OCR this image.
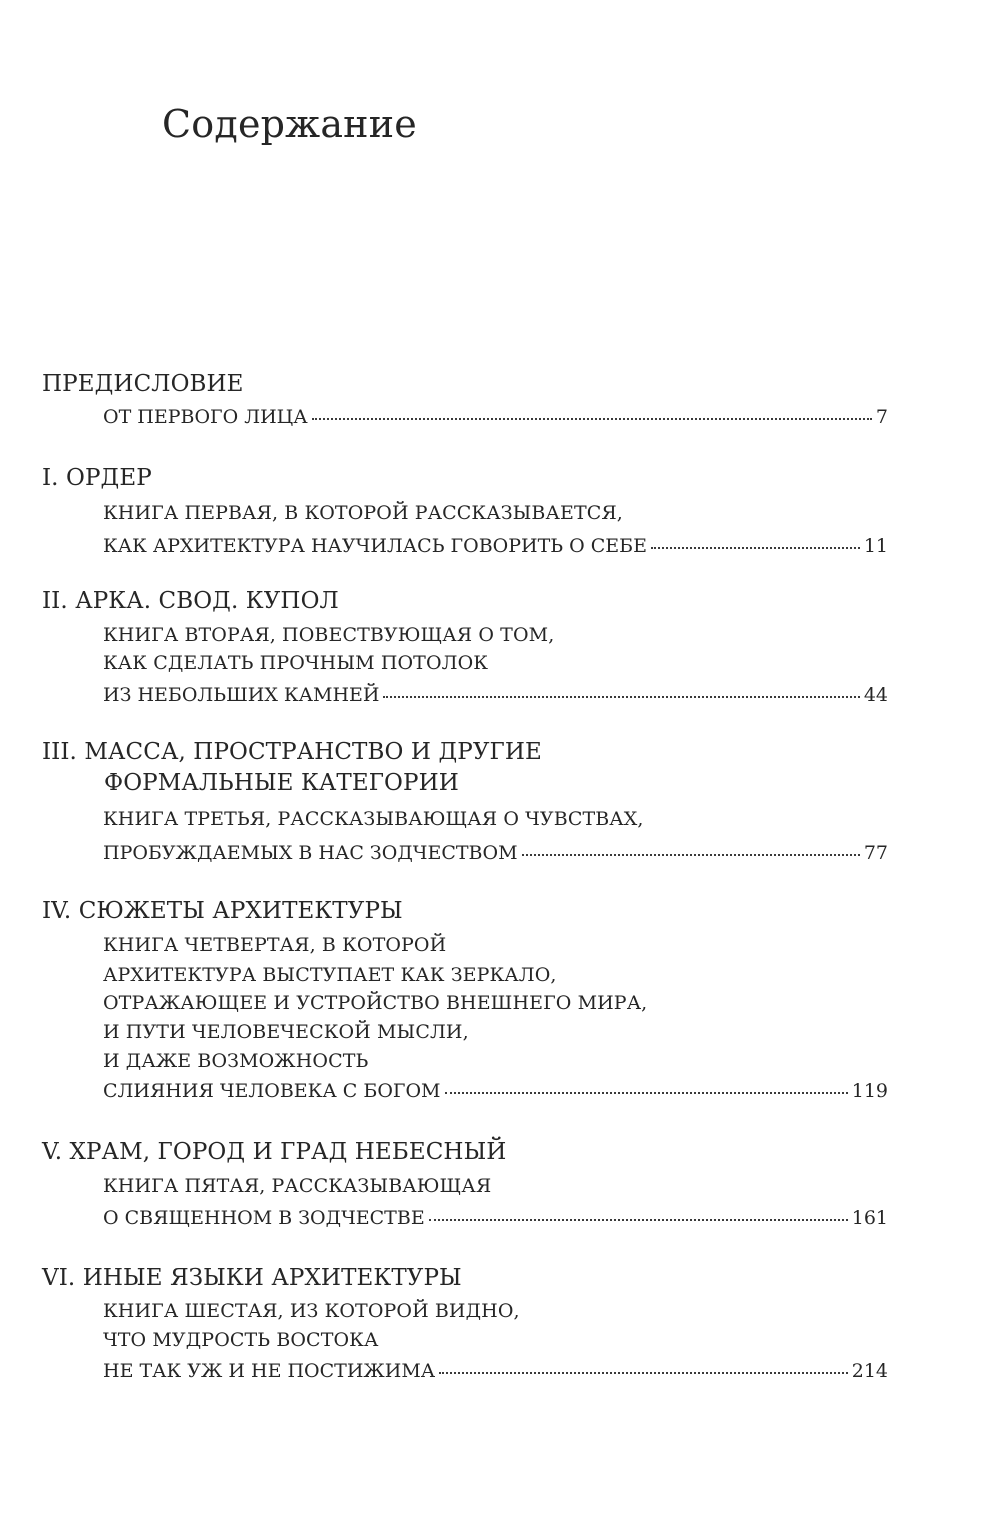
Содержание
ПРЕДИСЛОВИЕ
ОТ ПЕРВОГО ЛИЦА	7
I. ОРДЕР
КНИГА ПЕРВАЯ, В КОТОРОЙ РАССКАЗЫВАЕТСЯ,
КАК АРХИТЕКТУРА НАУЧИЛАСЬ ГОВОРИТЬ О СЕБЕ	11
II. АРКА. СВОД. КУПОЛ
КНИГА ВТОРАЯ, ПОВЕСТВУЮЩАЯ О ТОМ,
КАК СДЕЛАТЬ ПРОЧНЫМ ПОТОЛОК
ИЗ НЕБОЛЬШИХ КАМНЕЙ	44
III. МАССА, ПРОСТРАНСТВО И ДРУГИЕ
ФОРМАЛЬНЫЕ КАТЕГОРИИ
КНИГА ТРЕТЬЯ, РАССКАЗЫВАЮЩАЯ О ЧУВСТВАХ,
ПРОБУЖДАЕМЫХ В НАС ЗОДЧЕСТВОМ	77
IV. СЮЖЕТЫ АРХИТЕКТУРЫ
КНИГА ЧЕТВЕРТАЯ, В КОТОРОЙ
АРХИТЕКТУРА ВЫСТУПАЕТ КАК ЗЕРКАЛО,
ОТРАЖАЮЩЕЕ И УСТРОЙСТВО ВНЕШНЕГО МИРА,
И ПУТИ ЧЕЛОВЕЧЕСКОЙ МЫСЛИ,
И ДАЖЕ ВОЗМОЖНОСТЬ
СЛИЯНИЯ ЧЕЛОВЕКА С БОГОМ	119
V. ХРАМ, ГОРОД И ГРАД НЕБЕСНЫЙ
КНИГА ПЯТАЯ, РАССКАЗЫВАЮЩАЯ
О СВЯЩЕННОМ В ЗОДЧЕСТВЕ	161
VI. ИНЫЕ ЯЗЫКИ АРХИТЕКТУРЫ
КНИГА ШЕСТАЯ, ИЗ КОТОРОЙ ВИДНО,
ЧТО МУДРОСТЬ ВОСТОКА
НЕ ТАК УЖ И НЕ ПОСТИЖИМА	214
